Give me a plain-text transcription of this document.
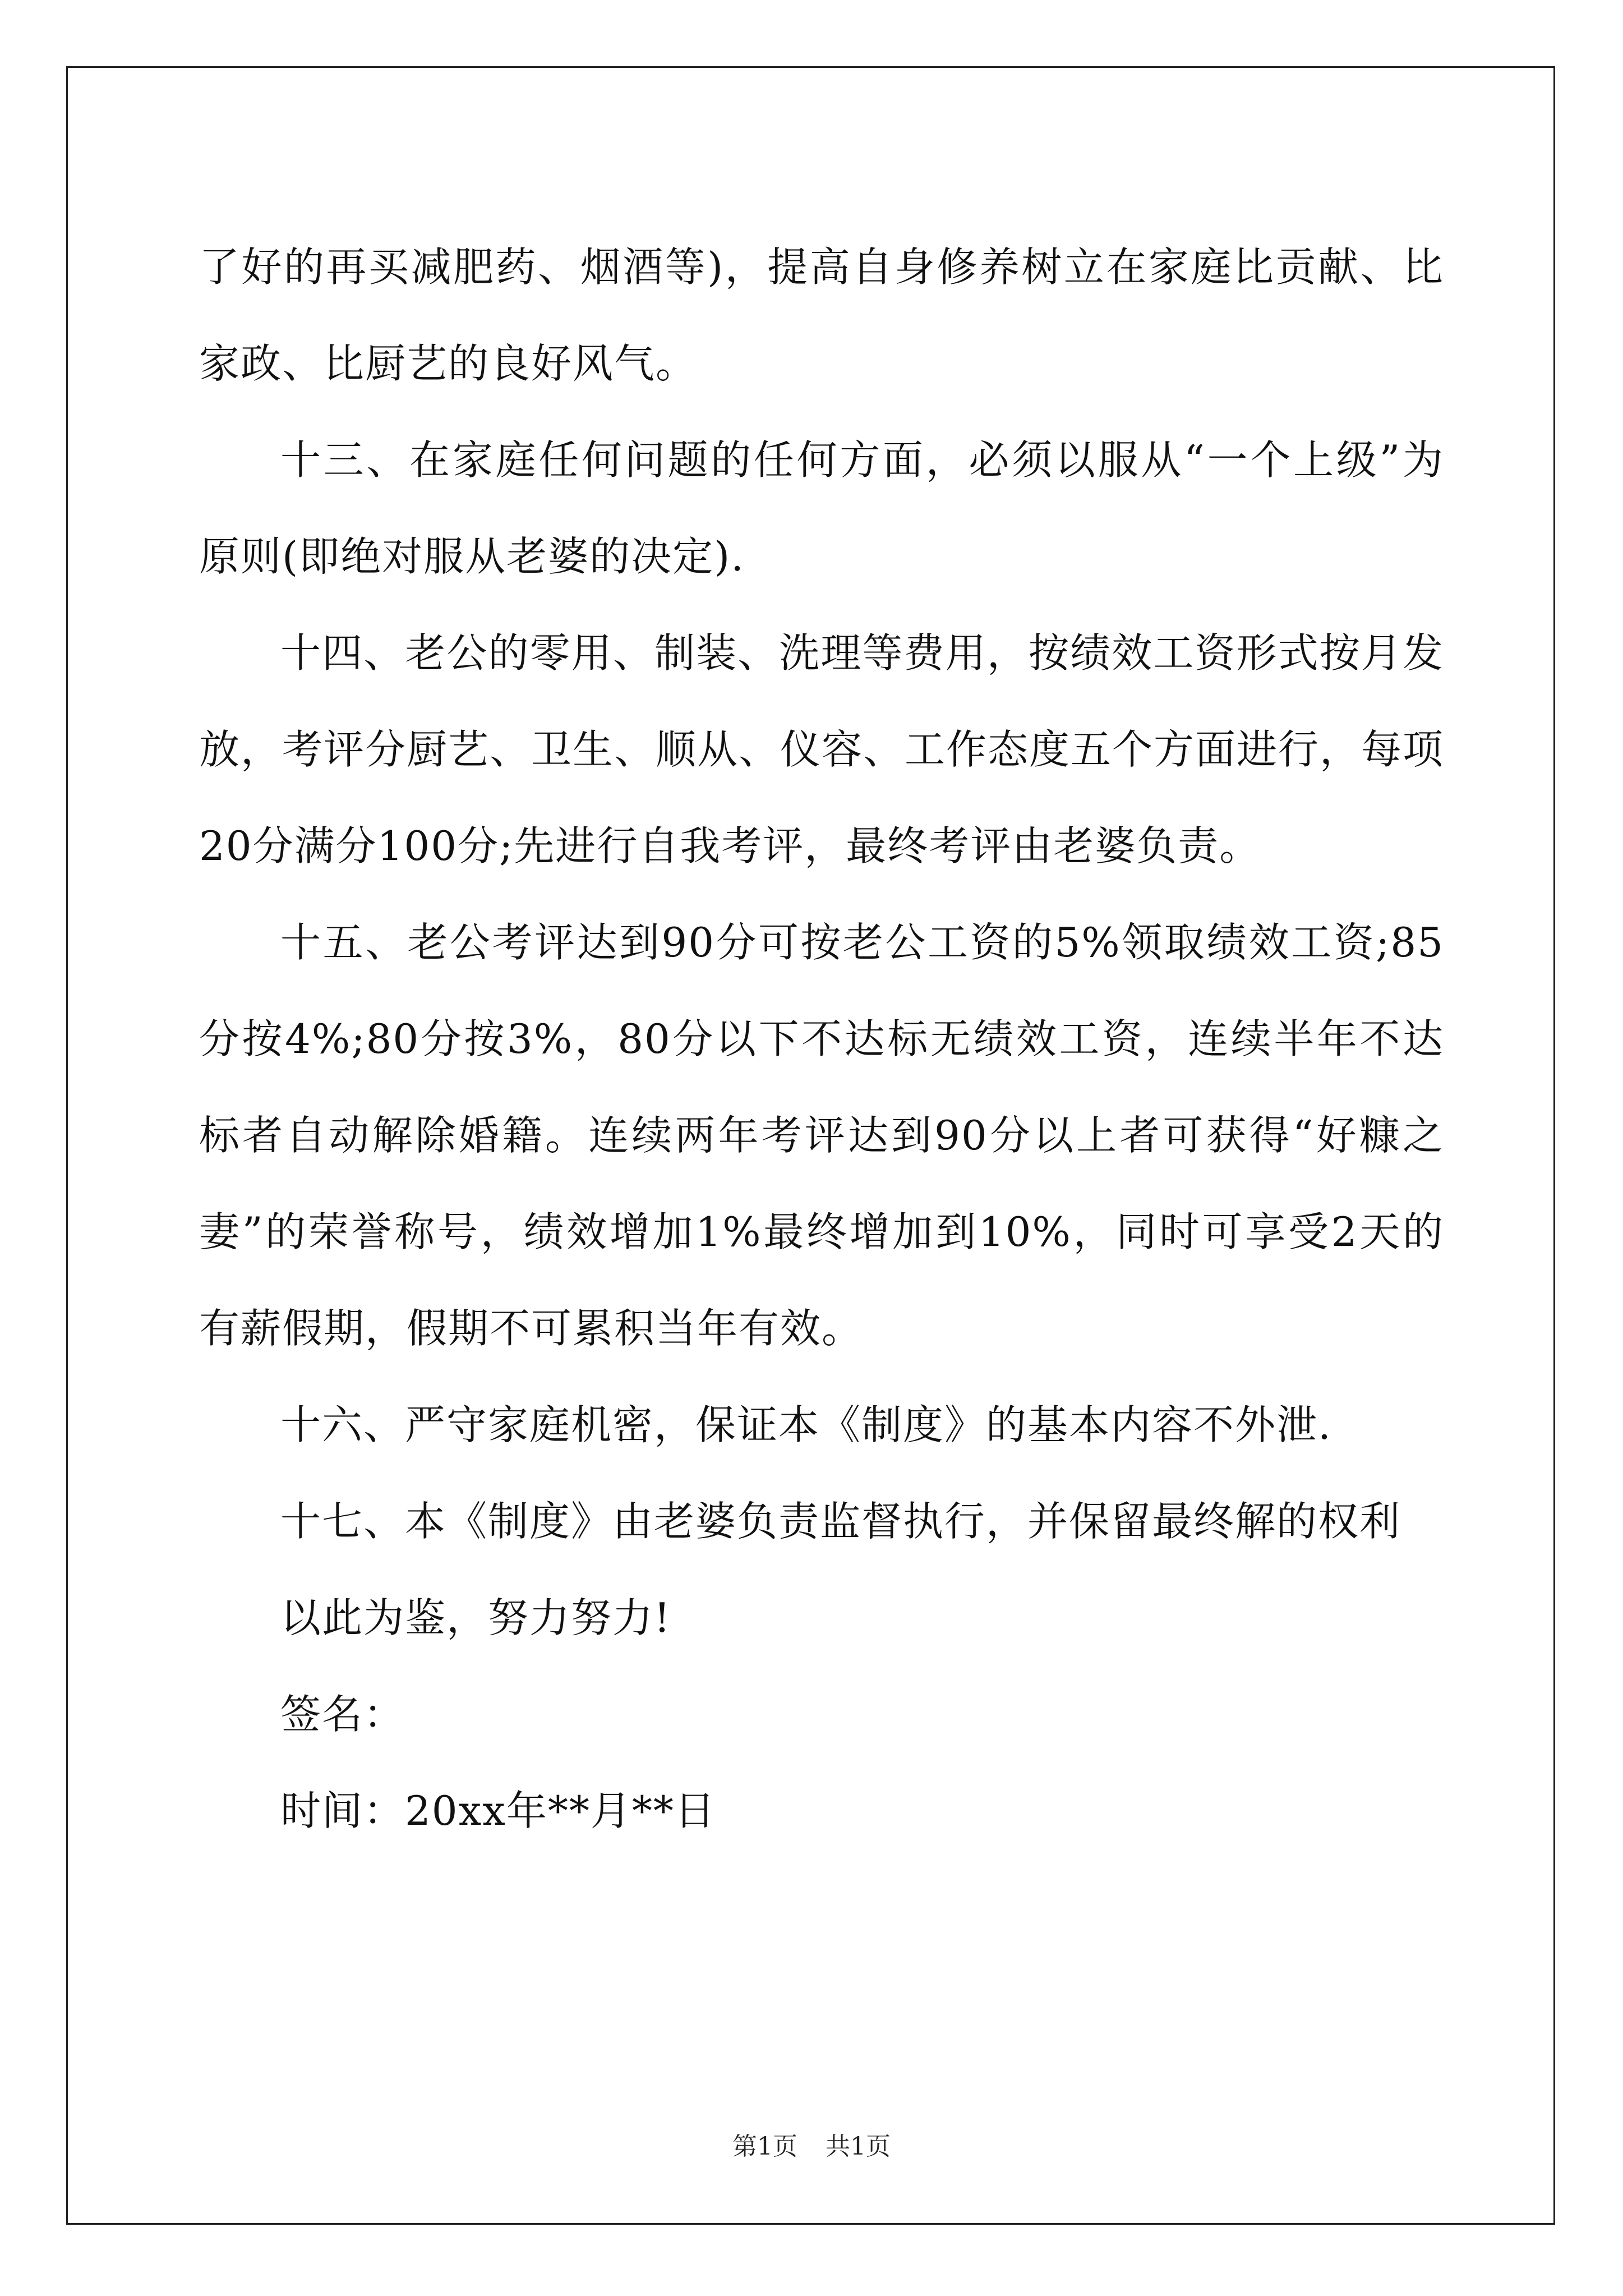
了好的再买减肥药、烟酒等)，提高自身修养树立在家庭比贡献、比家政、比厨艺的良好风气。

十三、在家庭任何问题的任何方面，必须以服从“一个上级”为原则(即绝对服从老婆的决定).

十四、老公的零用、制装、洗理等费用，按绩效工资形式按月发放，考评分厨艺、卫生、顺从、仪容、工作态度五个方面进行，每项20分满分100分;先进行自我考评，最终考评由老婆负责。

十五、老公考评达到90分可按老公工资的5%领取绩效工资;85分按4%;80分按3%，80分以下不达标无绩效工资，连续半年不达标者自动解除婚籍。连续两年考评达到90分以上者可获得“好糠之妻”的荣誉称号，绩效增加1%最终增加到10%，同时可享受2天的有薪假期，假期不可累积当年有效。

十六、严守家庭机密，保证本《制度》的基本内容不外泄.

十七、本《制度》由老婆负责监督执行，并保留最终解的权利

以此为鉴，努力努力!

签名：

时间：20xx年**月**日

第1页 共1页
